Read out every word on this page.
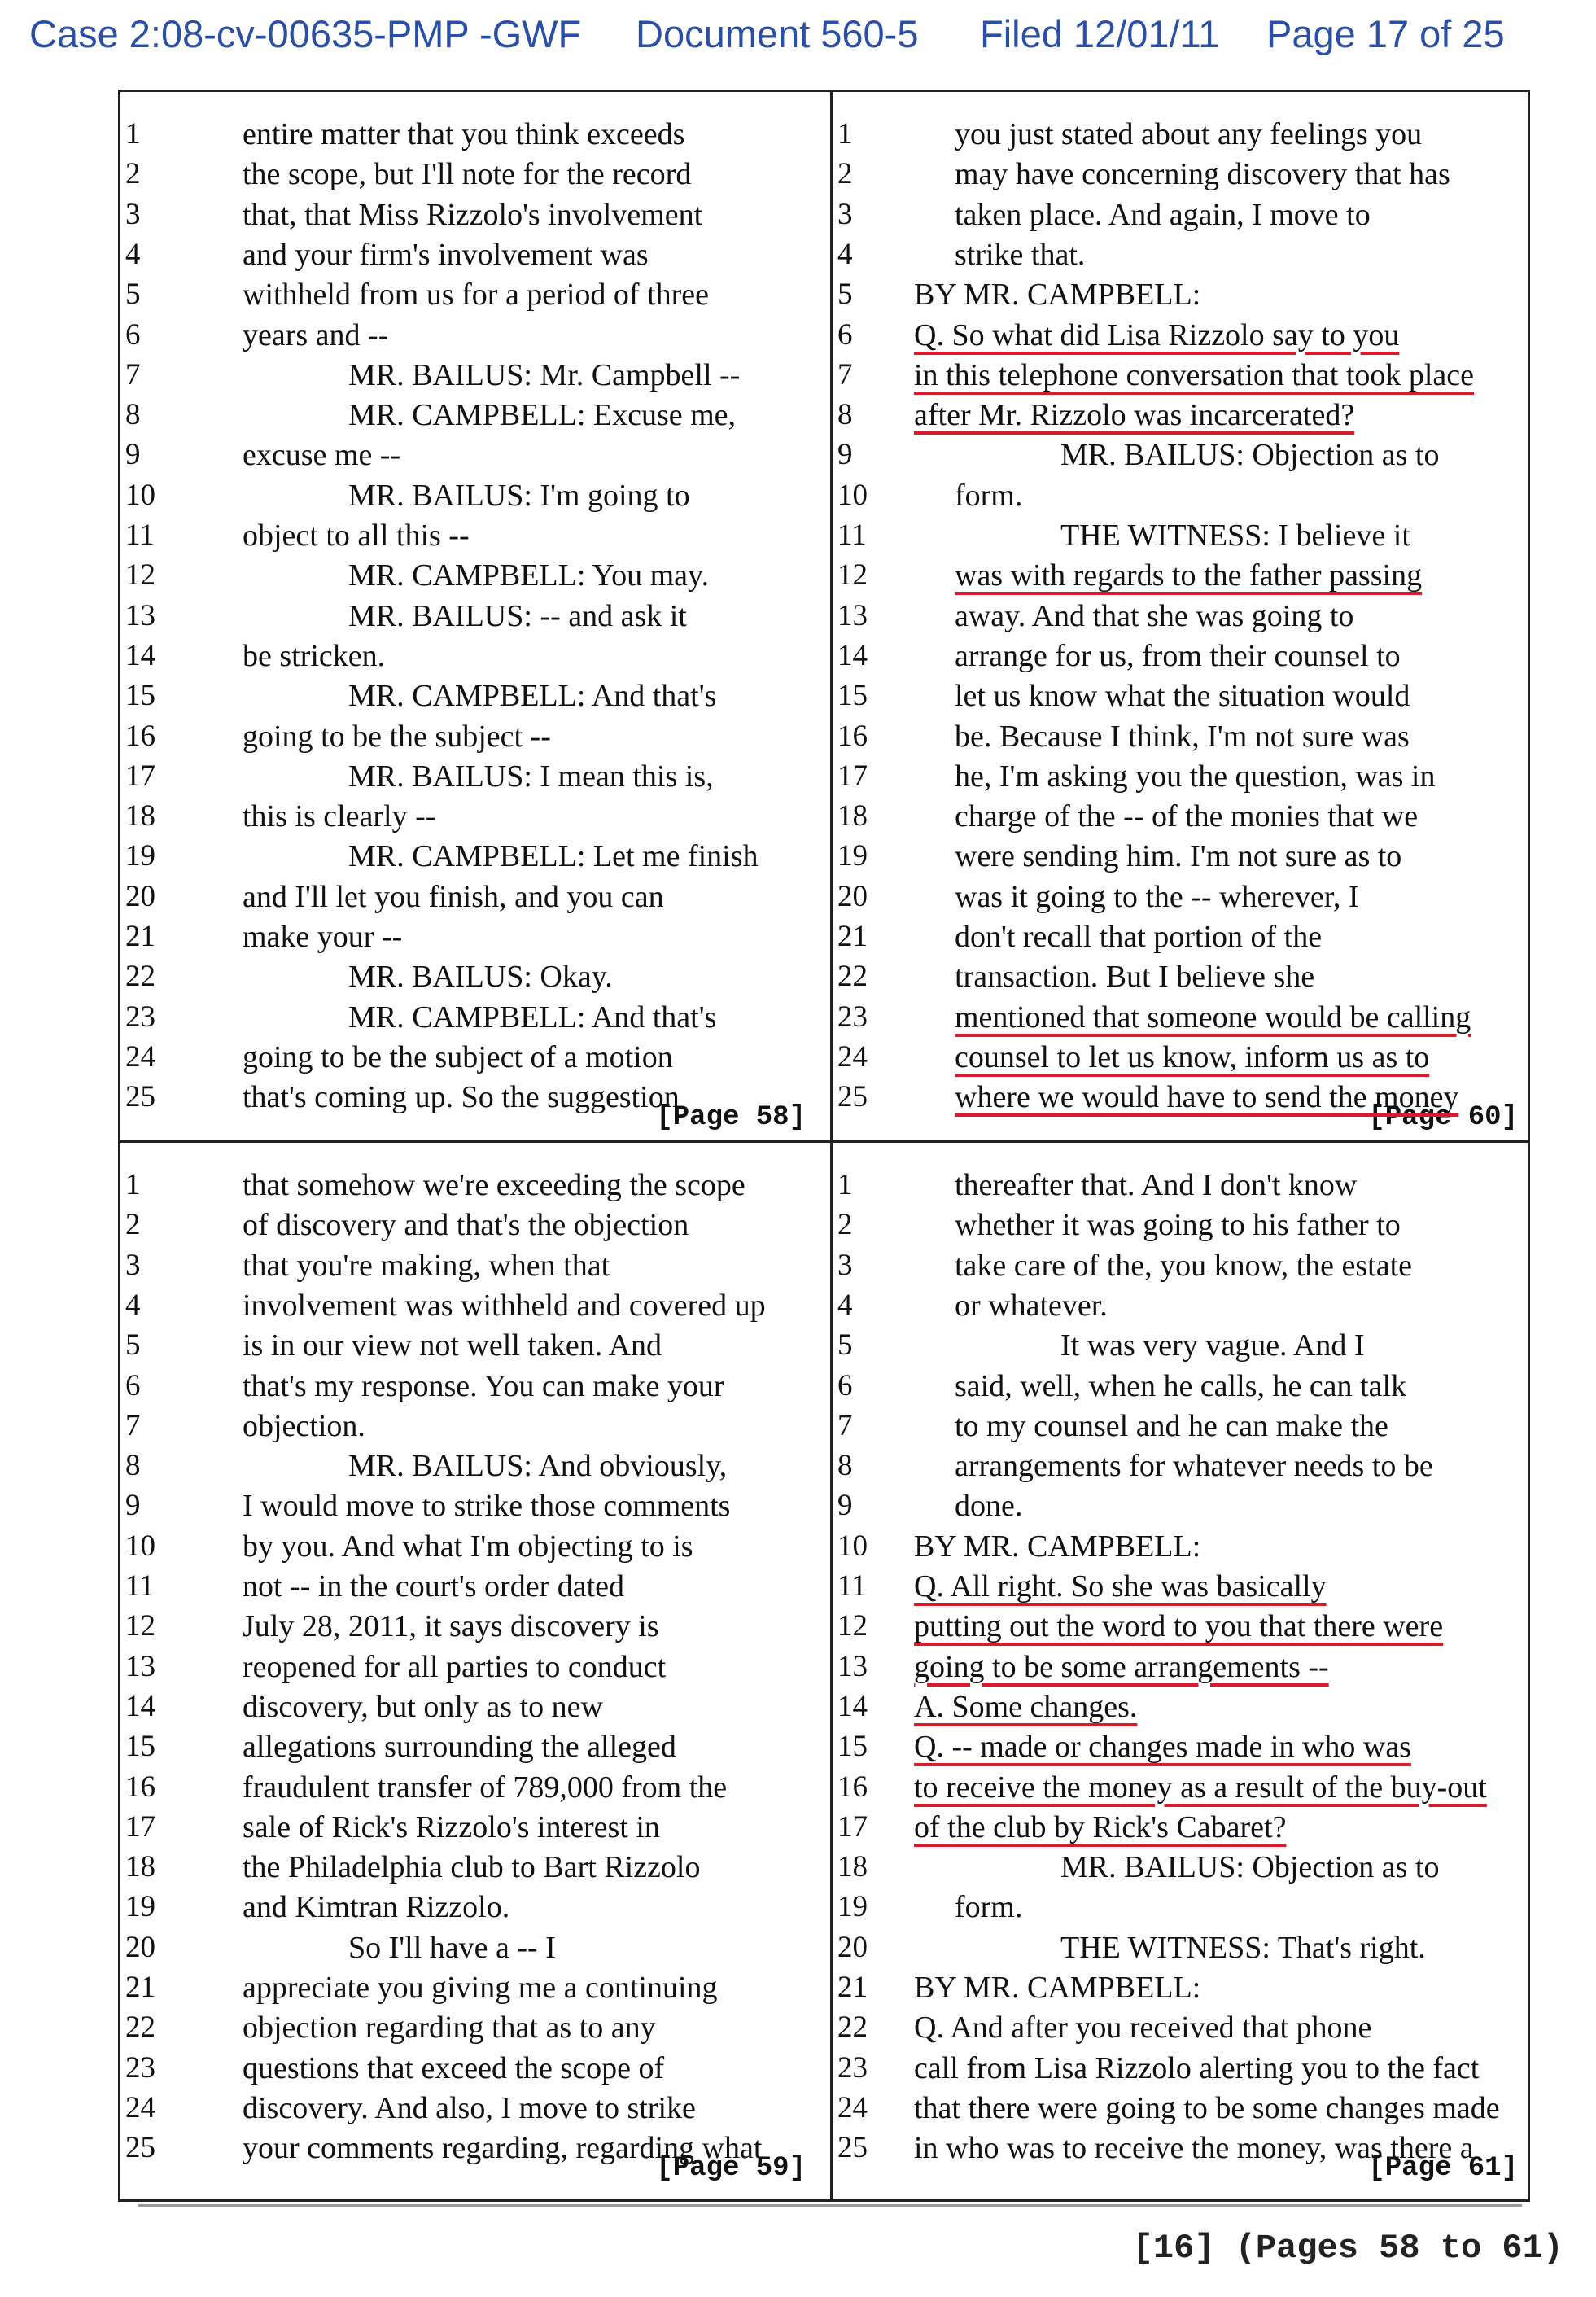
Case 2:08-cv-00635-PMP -GWF Document 560-5 Filed 12/01/11 Page 17 of 25
[Page 58]
1	entire matter that you think exceeds
2	the scope, but I'll note for the record
3	that, that Miss Rizzolo's involvement
4	and your firm's involvement was
5	withheld from us for a period of three
6	years and --
7	MR. BAILUS: Mr. Campbell --
8	MR. CAMPBELL: Excuse me,
9	excuse me --
10	MR. BAILUS: I'm going to
11	object to all this --
12	MR. CAMPBELL: You may.
13	MR. BAILUS: -- and ask it
14	be stricken.
15	MR. CAMPBELL: And that's
16	going to be the subject --
17	MR. BAILUS: I mean this is,
18	this is clearly --
19	MR. CAMPBELL: Let me finish
20	and I'll let you finish, and you can
21	make your --
22	MR. BAILUS: Okay.
23	MR. CAMPBELL: And that's
24	going to be the subject of a motion
25	that's coming up. So the suggestion
[Page 60]
1	you just stated about any feelings you
2	may have concerning discovery that has
3	taken place. And again, I move to
4	strike that.
5	BY MR. CAMPBELL:
6	Q. So what did Lisa Rizzolo say to you
7	in this telephone conversation that took place
8	after Mr. Rizzolo was incarcerated?
9	MR. BAILUS: Objection as to
10	form.
11	THE WITNESS: I believe it
12	was with regards to the father passing
13	away. And that she was going to
14	arrange for us, from their counsel to
15	let us know what the situation would
16	be. Because I think, I'm not sure was
17	he, I'm asking you the question, was in
18	charge of the -- of the monies that we
19	were sending him. I'm not sure as to
20	was it going to the -- wherever, I
21	don't recall that portion of the
22	transaction. But I believe she
23	mentioned that someone would be calling
24	counsel to let us know, inform us as to
25	where we would have to send the money
[Page 59]
1	that somehow we're exceeding the scope
2	of discovery and that's the objection
3	that you're making, when that
4	involvement was withheld and covered up
5	is in our view not well taken. And
6	that's my response. You can make your
7	objection.
8	MR. BAILUS: And obviously,
9	I would move to strike those comments
10	by you. And what I'm objecting to is
11	not -- in the court's order dated
12	July 28, 2011, it says discovery is
13	reopened for all parties to conduct
14	discovery, but only as to new
15	allegations surrounding the alleged
16	fraudulent transfer of 789,000 from the
17	sale of Rick's Rizzolo's interest in
18	the Philadelphia club to Bart Rizzolo
19	and Kimtran Rizzolo.
20	So I'll have a -- I
21	appreciate you giving me a continuing
22	objection regarding that as to any
23	questions that exceed the scope of
24	discovery. And also, I move to strike
25	your comments regarding, regarding what
[Page 61]
1	thereafter that. And I don't know
2	whether it was going to his father to
3	take care of the, you know, the estate
4	or whatever.
5	It was very vague. And I
6	said, well, when he calls, he can talk
7	to my counsel and he can make the
8	arrangements for whatever needs to be
9	done.
10	BY MR. CAMPBELL:
11	Q. All right. So she was basically
12	putting out the word to you that there were
13	going to be some arrangements --
14	A. Some changes.
15	Q. -- made or changes made in who was
16	to receive the money as a result of the buy-out
17	of the club by Rick's Cabaret?
18	MR. BAILUS: Objection as to
19	form.
20	THE WITNESS: That's right.
21	BY MR. CAMPBELL:
22	Q. And after you received that phone
23	call from Lisa Rizzolo alerting you to the fact
24	that there were going to be some changes made
25	in who was to receive the money, was there a
[16] (Pages 58 to 61)
